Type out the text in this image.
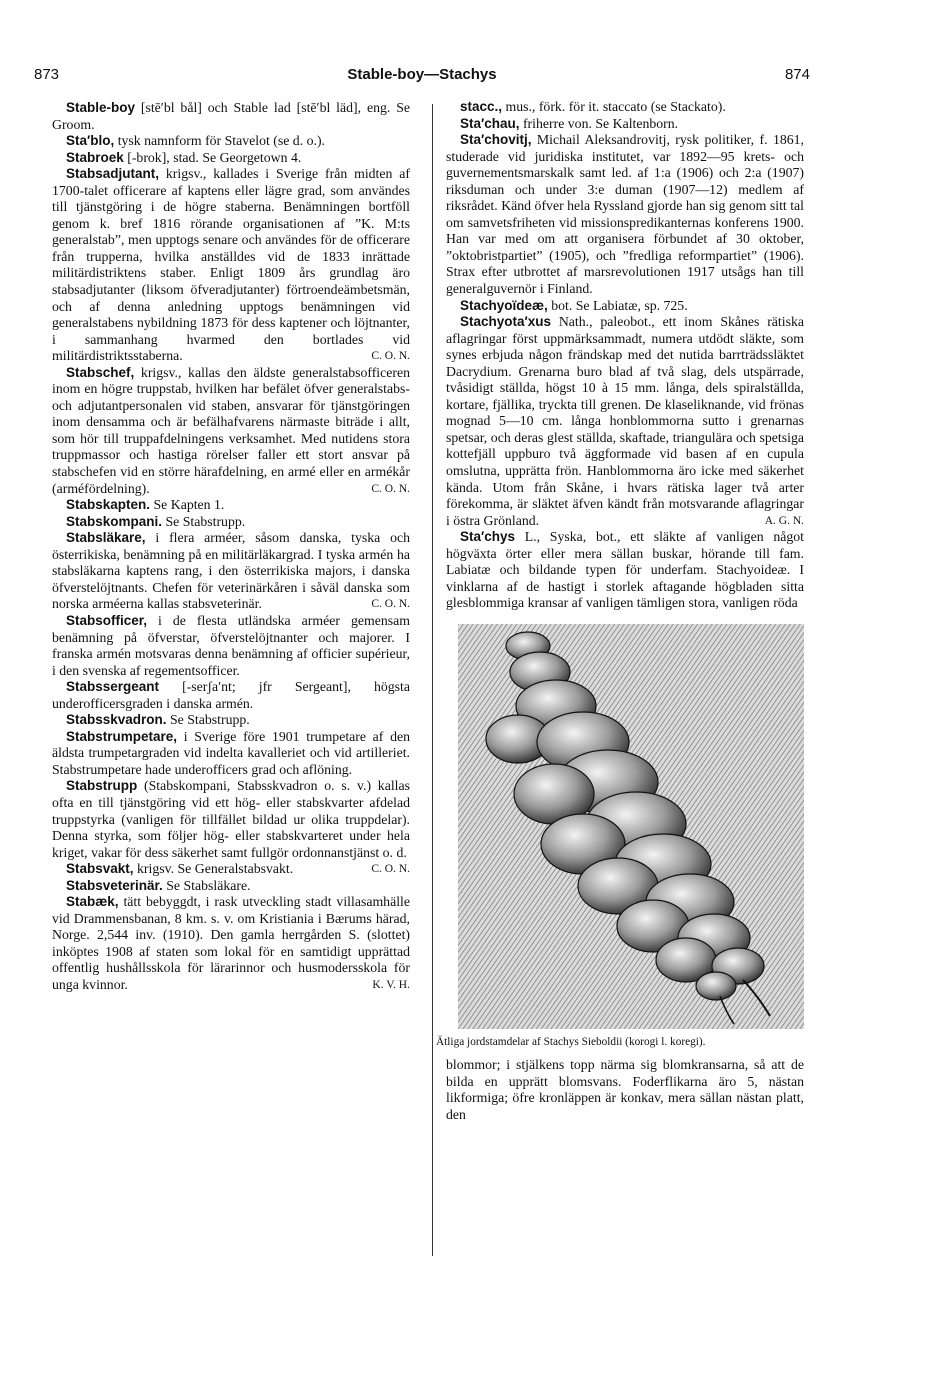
873	Stable-boy—Stachys	874

Stable-boy [stē′bl bål] och Stable lad [stē′bl läd], eng. Se Groom.

Sta′blo, tysk namnform för Stavelot (se d. o.).

Stabroek [-brok], stad. Se Georgetown 4.

Stabsadjutant, krigsv., kallades i Sverige från midten af 1700-talet officerare af kaptens eller lägre grad, som användes till tjänstgöring i de högre staberna. Benämningen bortföll genom k. bref 1816 rörande organisationen af ”K. M:ts generalstab”, men upptogs senare och användes för de officerare från trupperna, hvilka anställdes vid de 1833 inrättade militärdistriktens staber. Enligt 1809 års grundlag äro stabsadjutanter (liksom öfveradjutanter) förtroendeämbetsmän, och af denna anledning upptogs benämningen vid generalstabens nybildning 1873 för dess kaptener och löjtnanter, i sammanhang hvarmed den bortlades vid militärdistriktsstaberna.	C. O. N.

Stabschef, krigsv., kallas den äldste generalstabsofficeren inom en högre truppstab, hvilken har befälet öfver generalstabs- och adjutantpersonalen vid staben, ansvarar för tjänstgöringen inom densamma och är befälhafvarens närmaste biträde i allt, som hör till truppafdelningens verksamhet. Med nutidens stora truppmassor och hastiga rörelser faller ett stort ansvar på stabschefen vid en större härafdelning, en armé eller en armékår (arméfördelning).	C. O. N.

Stabskapten. Se Kapten 1.

Stabskompani. Se Stabstrupp.

Stabsläkare, i flera arméer, såsom danska, tyska och österrikiska, benämning på en militärläkargrad. I tyska armén ha stabsläkarna kaptens rang, i den österrikiska majors, i danska öfverstelöjtnants. Chefen för veterinärkåren i såväl danska som norska arméerna kallas stabsveterinär.	C. O. N.

Stabsofficer, i de flesta utländska arméer gemensam benämning på öfverstar, öfverstelöjtnanter och majorer. I franska armén motsvaras denna benämning af officier supérieur, i den svenska af regementsofficer.

Stabssergeant [-serʃa′nt; jfr Sergeant], högsta underofficersgraden i danska armén.

Stabsskvadron. Se Stabstrupp.

Stabstrumpetare, i Sverige före 1901 trumpetare af den äldsta trumpetargraden vid indelta kavalleriet och vid artilleriet. Stabstrumpetare hade underofficers grad och aflöning.

Stabstrupp (Stabskompani, Stabsskvadron o. s. v.) kallas ofta en till tjänstgöring vid ett hög- eller stabskvarter afdelad truppstyrka (vanligen för tillfället bildad ur olika truppdelar). Denna styrka, som följer hög- eller stabskvarteret under hela kriget, vakar för dess säkerhet samt fullgör ordonnanstjänst o. d.
C. O. N.

Stabsvakt, krigsv. Se Generalstabsvakt.

Stabsveterinär. Se Stabsläkare.

Stabæk, tätt bebyggdt, i rask utveckling stadt villasamhälle vid Drammensbanan, 8 km. s. v. om Kristiania i Bærums härad, Norge. 2,544 inv. (1910). Den gamla herrgården S. (slottet) inköptes 1908 af staten som lokal för en samtidigt upprättad offentlig hushållsskola för lärarinnor och husmodersskola för unga kvinnor.	K. V. H.

stacc., mus., förk. för it. staccato (se Stackato).

Sta′chau, friherre von. Se Kaltenborn.

Sta′chovitj, Michail Aleksandrovitj, rysk politiker, f. 1861, studerade vid juridiska institutet, var 1892—95 krets- och guvernementsmarskalk samt led. af 1:a (1906) och 2:a (1907) riksduman och under 3:e duman (1907—12) medlem af riksrådet. Känd öfver hela Ryssland gjorde han sig genom sitt tal om samvetsfriheten vid missionspredikanternas konferens 1900. Han var med om att organisera förbundet af 30 oktober, ”oktobristpartiet” (1905), och ”fredliga reformpartiet” (1906). Strax efter utbrottet af marsrevolutionen 1917 utsågs han till generalguvernör i Finland.

Stachyoïdeæ, bot. Se Labiatæ, sp. 725.

Stachyota′xus Nath., paleobot., ett inom Skånes rätiska aflagringar först uppmärksammadt, numera utdödt släkte, som synes erbjuda någon frändskap med det nutida barrträdssläktet Dacrydium. Grenarna buro blad af två slag, dels utspärrade, tvåsidigt ställda, högst 10 à 15 mm. långa, dels spiralställda, kortare, fjällika, tryckta till grenen. De klaseliknande, vid frönas mognad 5—10 cm. långa honblommorna sutto i grenarnas spetsar, och deras glest ställda, skaftade, triangulära och spetsiga kottefjäll uppburo två äggformade vid basen af en cupula omslutna, upprätta frön. Hanblommorna äro icke med säkerhet kända. Utom från Skåne, i hvars rätiska lager två arter förekomma, är släktet äfven kändt från motsvarande aflagringar i östra Grönland.	A. G. N.

Sta′chys L., Syska, bot., ett släkte af vanligen något högväxta örter eller mera sällan buskar, hörande till fam. Labiatæ och bildande typen för underfam. Stachyoideæ. I vinklarna af de hastigt i storlek aftagande högbladen sitta glesblommiga kransar af vanligen tämligen stora, vanligen röda

Ätliga jordstamdelar af Stachys Sieboldii (korogi l. koregi).

blommor; i stjälkens topp närma sig blomkransarna, så att de bilda en upprätt blomsvans. Foderflikarna äro 5, nästan likformiga; öfre kronläppen är konkav, mera sällan nästan platt, den
